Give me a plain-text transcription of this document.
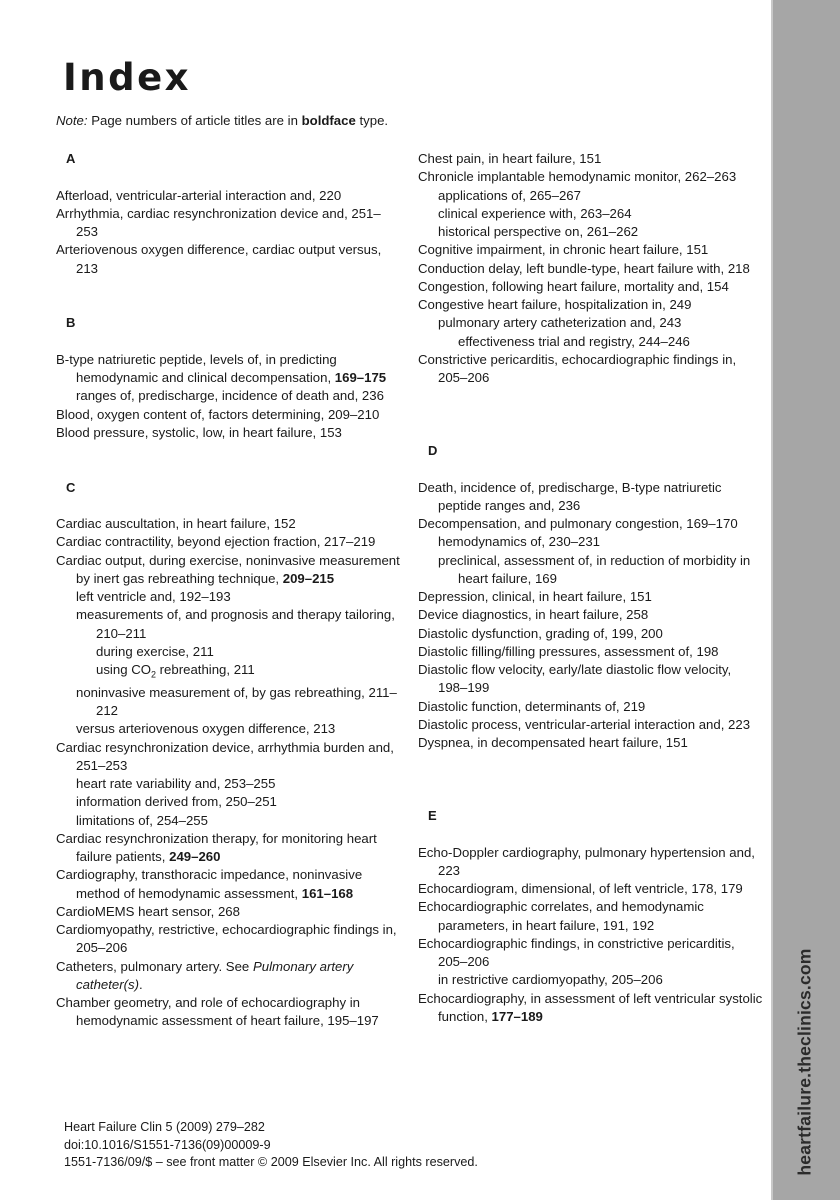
Index
Note: Page numbers of article titles are in boldface type.
A
Afterload, ventricular-arterial interaction and, 220
Arrhythmia, cardiac resynchronization device and, 251–253
Arteriovenous oxygen difference, cardiac output versus, 213
B
B-type natriuretic peptide, levels of, in predicting hemodynamic and clinical decompensation, 169–175
ranges of, predischarge, incidence of death and, 236
Blood, oxygen content of, factors determining, 209–210
Blood pressure, systolic, low, in heart failure, 153
C
Cardiac auscultation, in heart failure, 152
Cardiac contractility, beyond ejection fraction, 217–219
Cardiac output, during exercise, noninvasive measurement by inert gas rebreathing technique, 209–215
left ventricle and, 192–193
measurements of, and prognosis and therapy tailoring, 210–211
during exercise, 211
using $CO_2$ rebreathing, 211
noninvasive measurement of, by gas rebreathing, 211–212
versus arteriovenous oxygen difference, 213
Cardiac resynchronization device, arrhythmia burden and, 251–253
heart rate variability and, 253–255
information derived from, 250–251
limitations of, 254–255
Cardiac resynchronization therapy, for monitoring heart failure patients, 249–260
Cardiography, transthoracic impedance, noninvasive method of hemodynamic assessment, 161–168
CardioMEMS heart sensor, 268
Cardiomyopathy, restrictive, echocardiographic findings in, 205–206
Catheters, pulmonary artery. See Pulmonary artery catheter(s).
Chamber geometry, and role of echocardiography in hemodynamic assessment of heart failure, 195–197
Chest pain, in heart failure, 151
Chronicle implantable hemodynamic monitor, 262–263
applications of, 265–267
clinical experience with, 263–264
historical perspective on, 261–262
Cognitive impairment, in chronic heart failure, 151
Conduction delay, left bundle-type, heart failure with, 218
Congestion, following heart failure, mortality and, 154
Congestive heart failure, hospitalization in, 249
pulmonary artery catheterization and, 243
effectiveness trial and registry, 244–246
Constrictive pericarditis, echocardiographic findings in, 205–206
D
Death, incidence of, predischarge, B-type natriuretic peptide ranges and, 236
Decompensation, and pulmonary congestion, 169–170
hemodynamics of, 230–231
preclinical, assessment of, in reduction of morbidity in heart failure, 169
Depression, clinical, in heart failure, 151
Device diagnostics, in heart failure, 258
Diastolic dysfunction, grading of, 199, 200
Diastolic filling/filling pressures, assessment of, 198
Diastolic flow velocity, early/late diastolic flow velocity, 198–199
Diastolic function, determinants of, 219
Diastolic process, ventricular-arterial interaction and, 223
Dyspnea, in decompensated heart failure, 151
E
Echo-Doppler cardiography, pulmonary hypertension and, 223
Echocardiogram, dimensional, of left ventricle, 178, 179
Echocardiographic correlates, and hemodynamic parameters, in heart failure, 191, 192
Echocardiographic findings, in constrictive pericarditis, 205–206
in restrictive cardiomyopathy, 205–206
Echocardiography, in assessment of left ventricular systolic function, 177–189
Heart Failure Clin 5 (2009) 279–282
doi:10.1016/S1551-7136(09)00009-9
1551-7136/09/$ – see front matter © 2009 Elsevier Inc. All rights reserved.	heartfailure.theclinics.com
